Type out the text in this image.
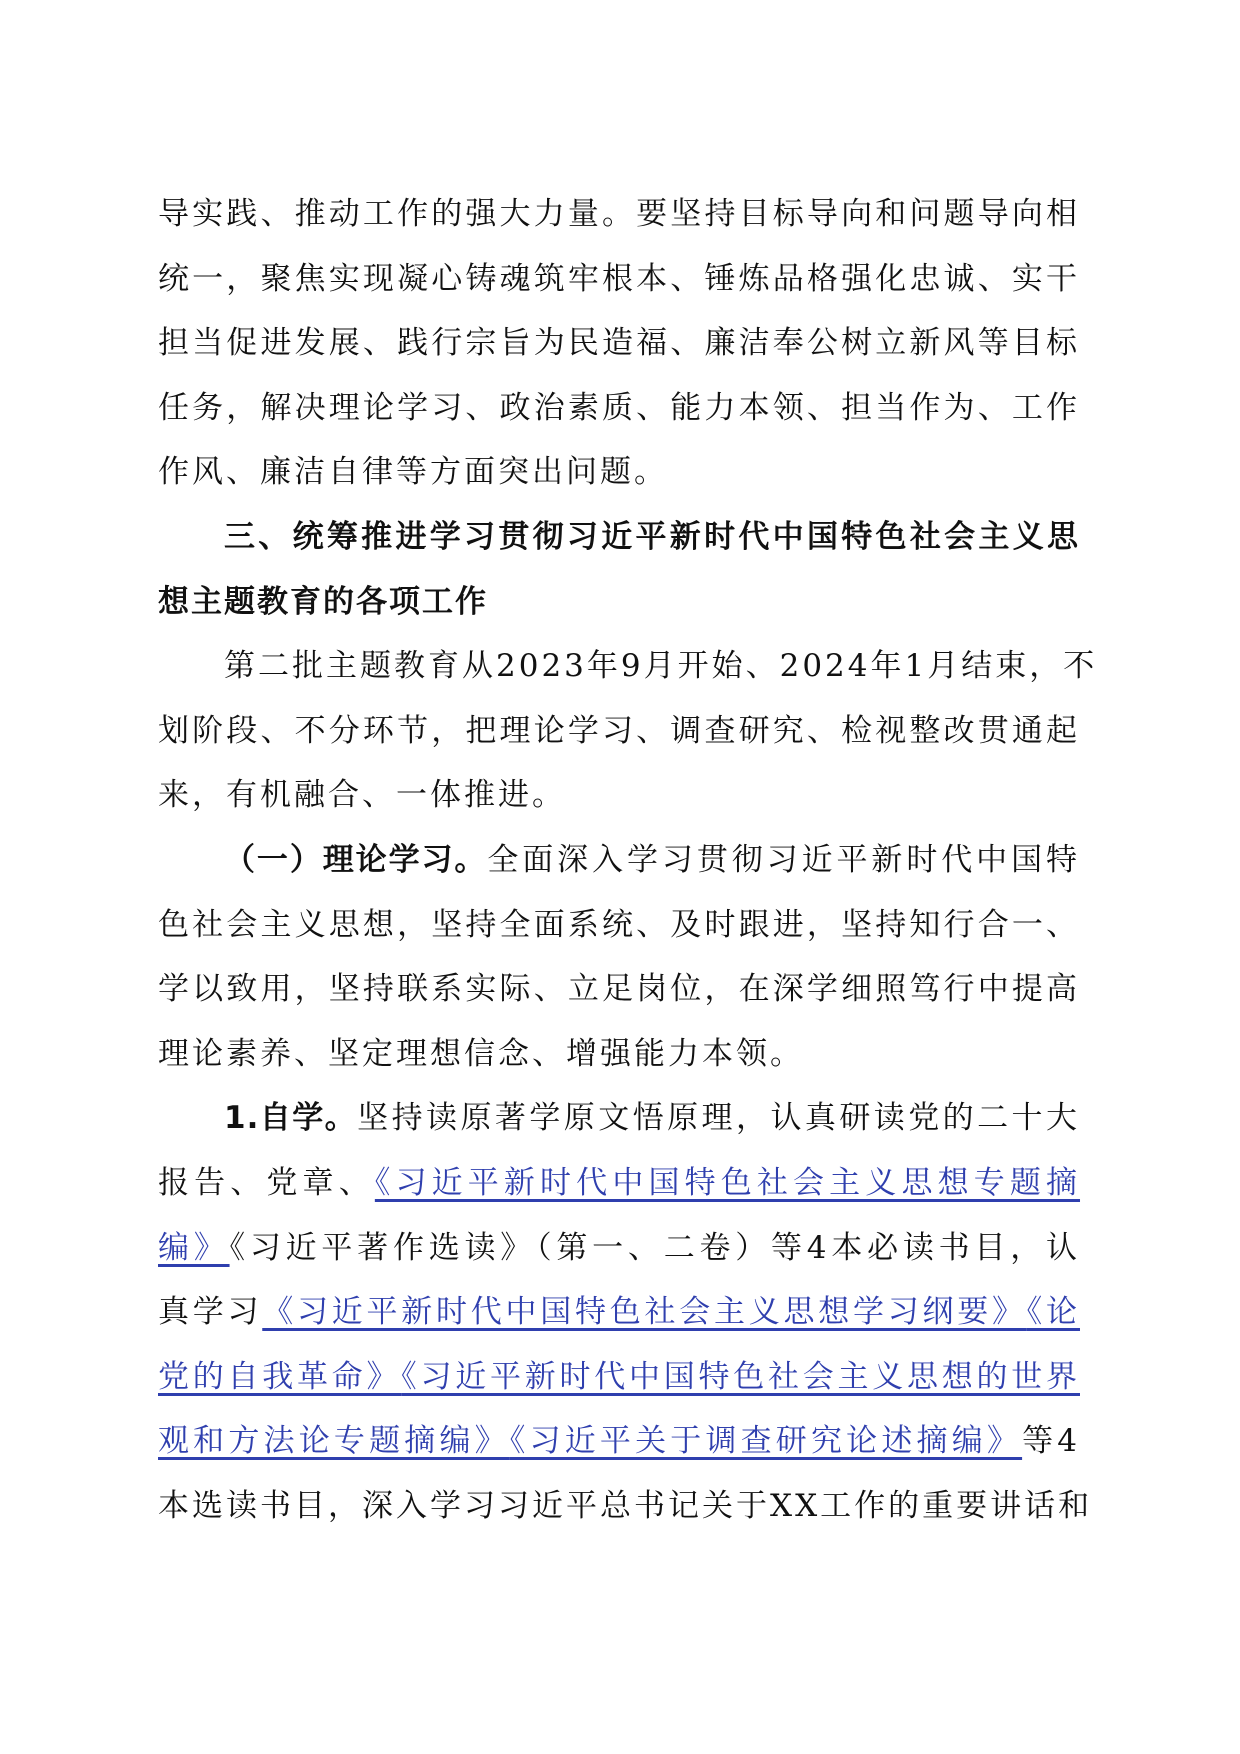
导实践、推动工作的强大力量。要坚持目标导向和问题导向相
统一，聚焦实现凝心铸魂筑牢根本、锤炼品格强化忠诚、实干
担当促进发展、践行宗旨为民造福、廉洁奉公树立新风等目标
任务，解决理论学习、政治素质、能力本领、担当作为、工作
作风、廉洁自律等方面突出问题。
三、统筹推进学习贯彻习近平新时代中国特色社会主义思
想主题教育的各项工作
第二批主题教育从2023年9月开始、2024年1月结束，不
划阶段、不分环节，把理论学习、调查研究、检视整改贯通起
来，有机融合、一体推进。
（一）理论学习。全面深入学习贯彻习近平新时代中国特
色社会主义思想，坚持全面系统、及时跟进，坚持知行合一、
学以致用，坚持联系实际、立足岗位，在深学细照笃行中提高
理论素养、坚定理想信念、增强能力本领。
1.自学。坚持读原著学原文悟原理，认真研读党的二十大
报告、党章、《习近平新时代中国特色社会主义思想专题摘
编》《习近平著作选读》（第一、二卷）等4本必读书目，认
真学习《习近平新时代中国特色社会主义思想学习纲要》《论
党的自我革命》《习近平新时代中国特色社会主义思想的世界
观和方法论专题摘编》《习近平关于调查研究论述摘编》等4
本选读书目，深入学习习近平总书记关于XX工作的重要讲话和
